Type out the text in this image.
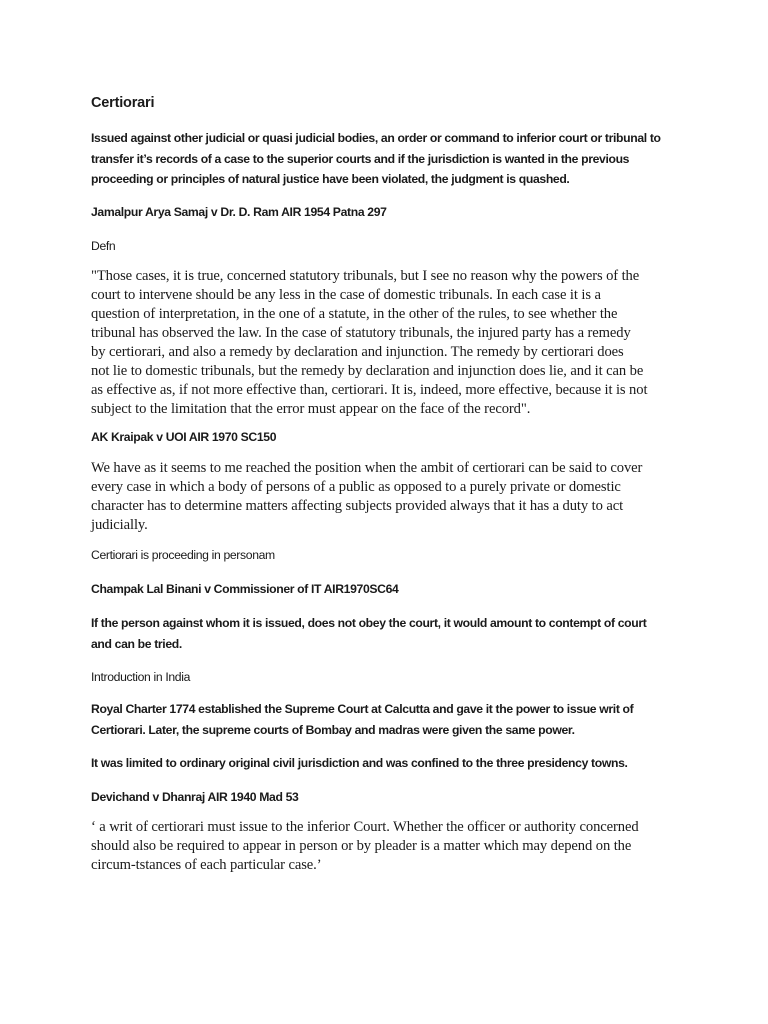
Certiorari
Issued against other judicial or quasi judicial bodies, an order or command to inferior court or tribunal to
transfer it’s records of a case to the superior courts and if the jurisdiction is wanted in the previous
proceeding or principles of natural justice have been violated, the judgment is quashed.
Jamalpur Arya Samaj v Dr. D. Ram AIR 1954 Patna 297
Defn
"Those cases, it is true, concerned statutory tribunals, but I see no reason why the powers of the
court to intervene should be any less in the case of domestic tribunals. In each case it is a
question of interpretation, in the one of a statute, in the other of the rules, to see whether the
tribunal has observed the law. In the case of statutory tribunals, the injured party has a remedy
by certiorari, and also a remedy by declaration and injunction. The remedy by certiorari does
not lie to domestic tribunals, but the remedy by declaration and injunction does lie, and it can be
as effective as, if not more effective than, certiorari. It is, indeed, more effective, because it is not
subject to the limitation that the error must appear on the face of the record".
AK Kraipak v UOI AIR 1970 SC150
We have as it seems to me reached the position when the ambit of certiorari can be said to cover
every case in which a body of persons of a public as opposed to a purely private or domestic
character has to determine matters affecting subjects provided always that it has a duty to act
judicially.
Certiorari is proceeding in personam
Champak Lal Binani v Commissioner of IT AIR1970SC64
If the person against whom it is issued, does not obey the court, it would amount to contempt of court
and can be tried.
Introduction in India
Royal Charter 1774 established the Supreme Court at Calcutta and gave it the power to issue writ of
Certiorari. Later, the supreme courts of Bombay and madras were given the same power.
It was limited to ordinary original civil jurisdiction and was confined to the three presidency towns.
Devichand v Dhanraj AIR 1940 Mad 53
‘ a writ of certiorari must issue to the inferior Court. Whether the officer or authority concerned
should also be required to appear in person or by pleader is a matter which may depend on the
circum-tstances of each particular case.’
